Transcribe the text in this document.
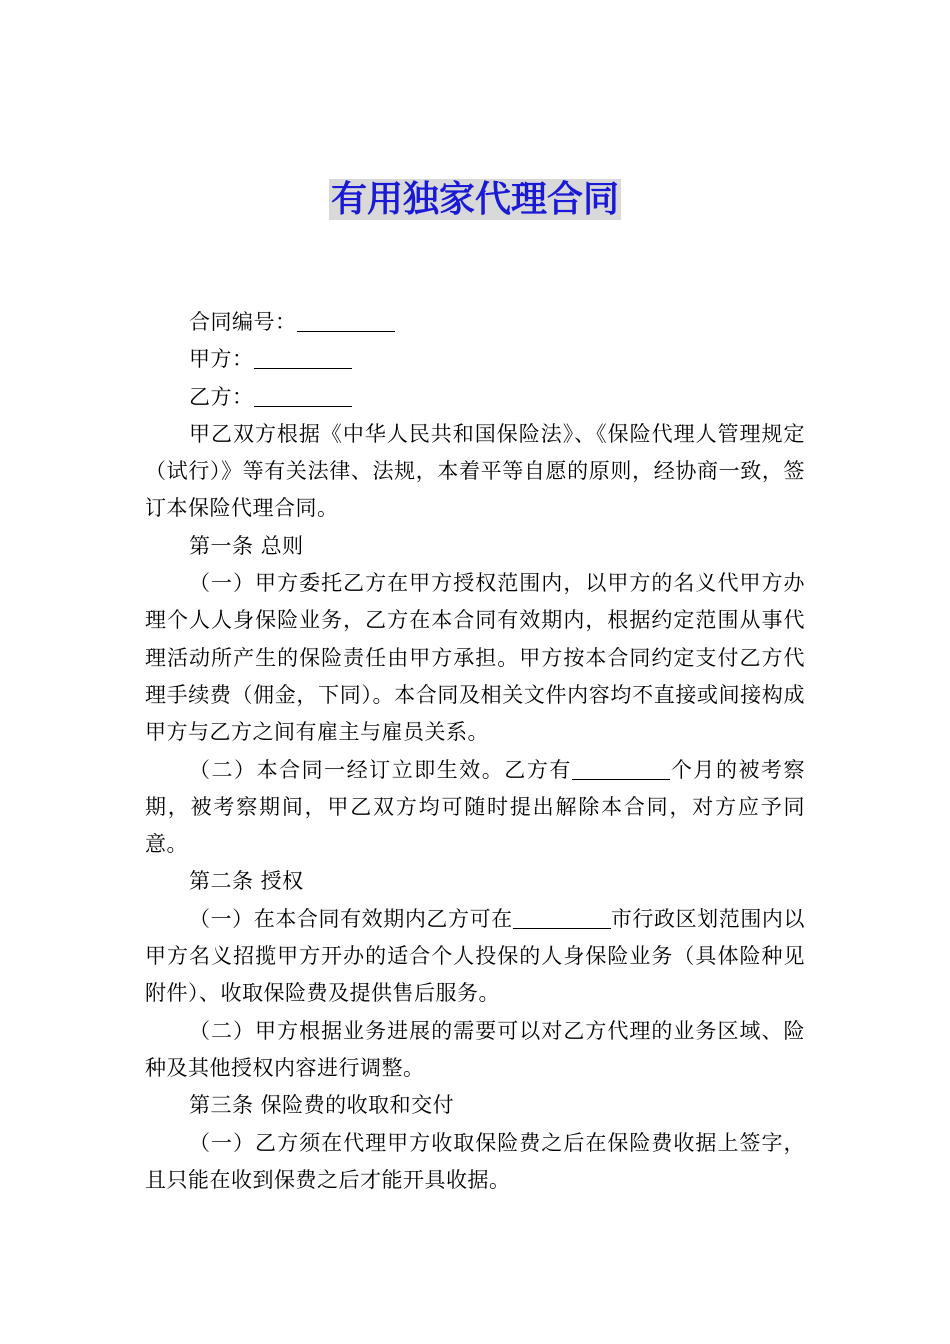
有用独家代理合同

合同编号：

甲方：

乙方：

甲乙双方根据《中华人民共和国保险法》、《保险代理人管理规定（试行）》等有关法律、法规，本着平等自愿的原则，经协商一致，签订本保险代理合同。

第一条 总则

（一）甲方委托乙方在甲方授权范围内，以甲方的名义代甲方办理个人人身保险业务，乙方在本合同有效期内，根据约定范围从事代理活动所产生的保险责任由甲方承担。甲方按本合同约定支付乙方代理手续费（佣金，下同）。本合同及相关文件内容均不直接或间接构成甲方与乙方之间有雇主与雇员关系。

（二）本合同一经订立即生效。乙方有	个月的被考察期，被考察期间，甲乙双方均可随时提出解除本合同，对方应予同意。

第二条 授权

（一）在本合同有效期内乙方可在	市行政区划范围内以甲方名义招揽甲方开办的适合个人投保的人身保险业务（具体险种见附件）、收取保险费及提供售后服务。

（二）甲方根据业务进展的需要可以对乙方代理的业务区域、险种及其他授权内容进行调整。

第三条 保险费的收取和交付

（一）乙方须在代理甲方收取保险费之后在保险费收据上签字，且只能在收到保费之后才能开具收据。
